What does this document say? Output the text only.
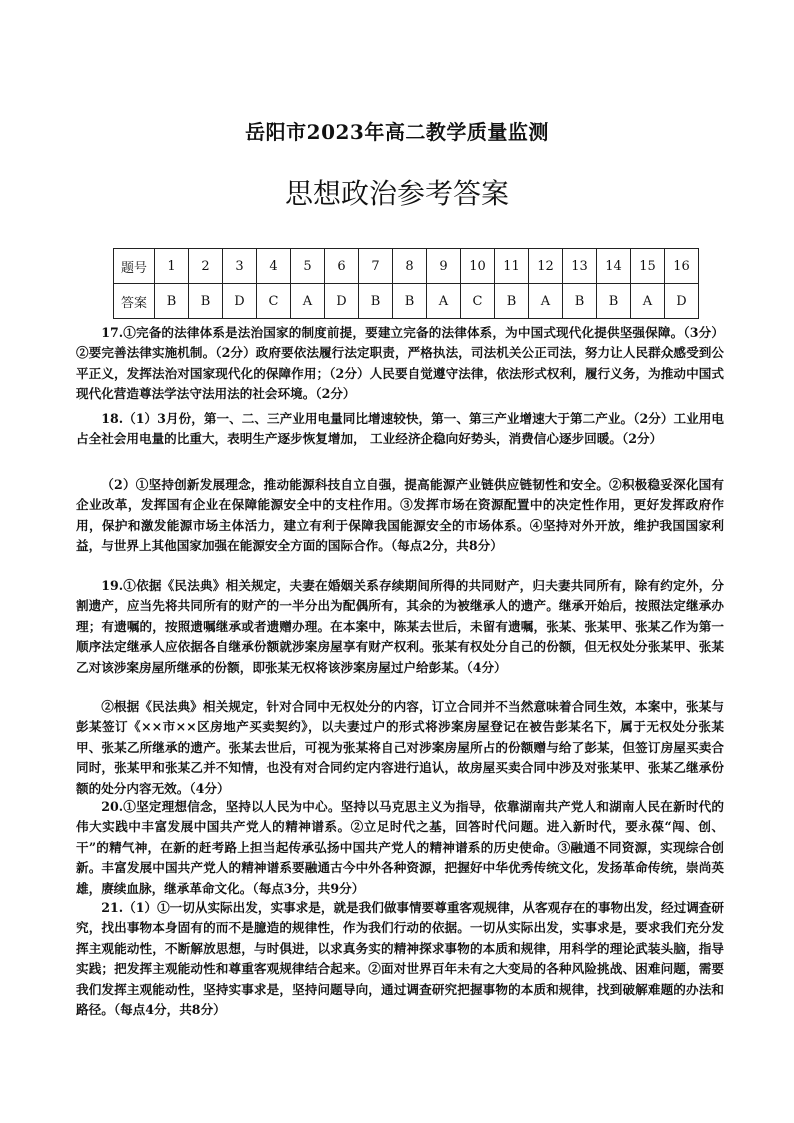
岳阳市2023年高二教学质量监测
思想政治参考答案
题号	1	2	3	4	5	6	7	8	9	10	11	12	13	14	15	16
答案	B	B	D	C	A	D	B	B	A	C	B	A	B	B	A	D

17.①完备的法律体系是法治国家的制度前提，要建立完备的法律体系，为中国式现代化提供坚强保障。（3分）②要完善法律实施机制。（2分）政府要依法履行法定职责，严格执法，司法机关公正司法，努力让人民群众感受到公平正义，发挥法治对国家现代化的保障作用；（2分）人民要自觉遵守法律，依法形式权利，履行义务，为推动中国式现代化营造尊法学法守法用法的社会环境。（2分）

18.（1）3月份，第一、二、三产业用电量同比增速较快，第一、第三产业增速大于第二产业。（2分）工业用电占全社会用电量的比重大，表明生产逐步恢复增加， 工业经济企稳向好势头，消费信心逐步回暖。（2分）

（2）①坚持创新发展理念，推动能源科技自立自强，提高能源产业链供应链韧性和安全。②积极稳妥深化国有企业改革，发挥国有企业在保障能源安全中的支柱作用。③发挥市场在资源配置中的决定性作用，更好发挥政府作用，保护和激发能源市场主体活力，建立有利于保障我国能源安全的市场体系。④坚持对外开放，维护我国国家利益，与世界上其他国家加强在能源安全方面的国际合作。（每点2分，共8分）

19.①依据《民法典》相关规定，夫妻在婚姻关系存续期间所得的共同财产，归夫妻共同所有，除有约定外，分割遗产，应当先将共同所有的财产的一半分出为配偶所有，其余的为被继承人的遗产。继承开始后，按照法定继承办理；有遗嘱的，按照遗嘱继承或者遗赠办理。在本案中，陈某去世后，未留有遗嘱，张某、张某甲、张某乙作为第一顺序法定继承人应依据各自继承份额就涉案房屋享有财产权利。张某有权处分自己的份额，但无权处分张某甲、张某乙对该涉案房屋所继承的份额，即张某无权将该涉案房屋过户给彭某。（4分）

②根据《民法典》相关规定，针对合同中无权处分的内容，订立合同并不当然意味着合同生效，本案中，张某与彭某签订《××市××区房地产买卖契约》，以夫妻过户的形式将涉案房屋登记在被告彭某名下，属于无权处分张某甲、张某乙所继承的遗产。张某去世后，可视为张某将自己对涉案房屋所占的份额赠与给了彭某，但签订房屋买卖合同时，张某甲和张某乙并不知情，也没有对合同约定内容进行追认，故房屋买卖合同中涉及对张某甲、张某乙继承份额的处分内容无效。（4分）

20.①坚定理想信念，坚持以人民为中心。坚持以马克思主义为指导，依靠湖南共产党人和湖南人民在新时代的伟大实践中丰富发展中国共产党人的精神谱系。②立足时代之基，回答时代问题。进入新时代，要永葆“闯、创、干”的精气神，在新的赶考路上担当起传承弘扬中国共产党人的精神谱系的历史使命。③融通不同资源，实现综合创新。丰富发展中国共产党人的精神谱系要融通古今中外各种资源，把握好中华优秀传统文化，发扬革命传统，崇尚英雄，赓续血脉，继承革命文化。（每点3分，共9分）

21.（1）①一切从实际出发，实事求是，就是我们做事情要尊重客观规律，从客观存在的事物出发，经过调查研究，找出事物本身固有的而不是臆造的规律性，作为我们行动的依据。一切从实际出发，实事求是，要求我们充分发挥主观能动性，不断解放思想，与时俱进，以求真务实的精神探求事物的本质和规律，用科学的理论武装头脑，指导实践；把发挥主观能动性和尊重客观规律结合起来。②面对世界百年未有之大变局的各种风险挑战、困难问题，需要我们发挥主观能动性，坚持实事求是，坚持问题导向，通过调查研究把握事物的本质和规律，找到破解难题的办法和路径。（每点4分，共8分）
